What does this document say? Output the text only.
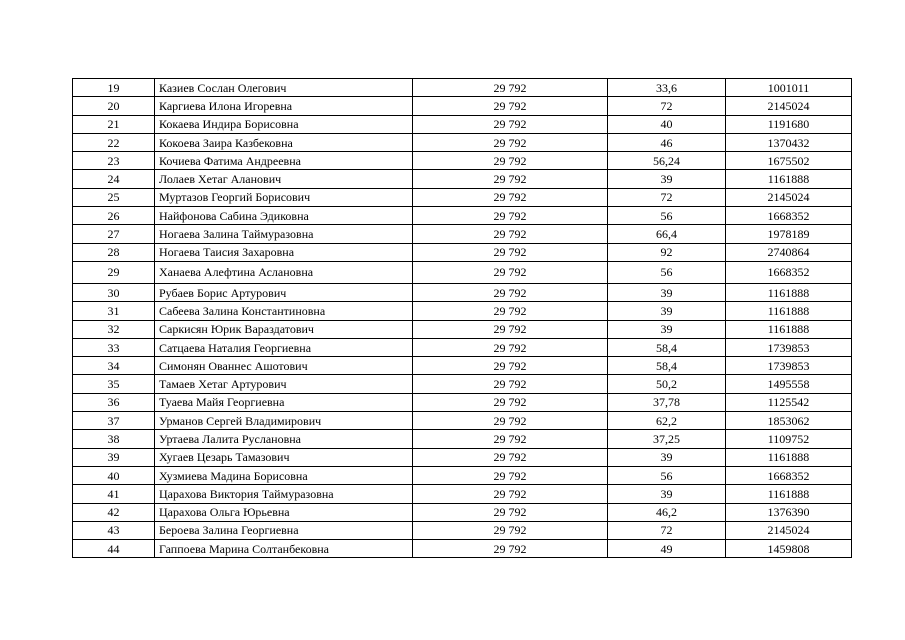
19	Казиев Сослан Олегович	29 792	33,6	1001011
20	Каргиева Илона Игоревна	29 792	72	2145024
21	Кокаева Индира Борисовна	29 792	40	1191680
22	Кокоева Заира Казбековна	29 792	46	1370432
23	Кочиева Фатима Андреевна	29 792	56,24	1675502
24	Лолаев Хетаг Аланович	29 792	39	1161888
25	Муртазов Георгий Борисович	29 792	72	2145024
26	Найфонова Сабина Эдиковна	29 792	56	1668352
27	Ногаева Залина Таймуразовна	29 792	66,4	1978189
28	Ногаева Таисия Захаровна	29 792	92	2740864
29	Ханаева Алефтина Аслановна	29 792	56	1668352
30	Рубаев Борис Артурович	29 792	39	1161888
31	Сабеева Залина Константиновна	29 792	39	1161888
32	Саркисян Юрик Вараздатович	29 792	39	1161888
33	Сатцаева Наталия Георгиевна	29 792	58,4	1739853
34	Симонян Ованнес Ашотович	29 792	58,4	1739853
35	Тамаев Хетаг Артурович	29 792	50,2	1495558
36	Туаева Майя Георгиевна	29 792	37,78	1125542
37	Урманов Сергей Владимирович	29 792	62,2	1853062
38	Уртаева Лалита Руслановна	29 792	37,25	1109752
39	Хугаев Цезарь Тамазович	29 792	39	1161888
40	Хузмиева Мадина Борисовна	29 792	56	1668352
41	Царахова Виктория Таймуразовна	29 792	39	1161888
42	Царахова Ольга Юрьевна	29 792	46,2	1376390
43	Бероева Залина Георгиевна	29 792	72	2145024
44	Гаппоева Марина Солтанбековна	29 792	49	1459808
